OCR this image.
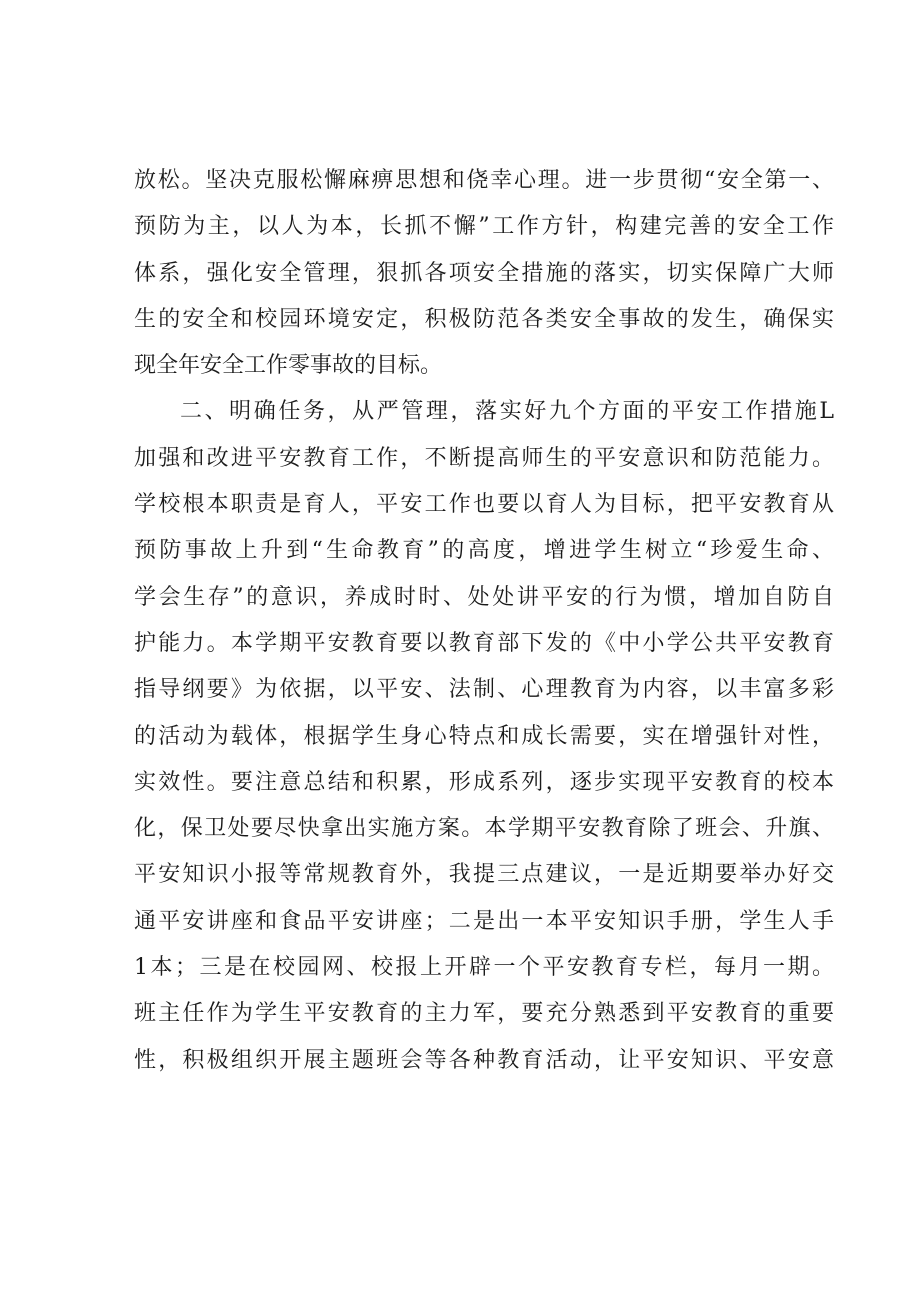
放松。坚决克服松懈麻痹思想和侥幸心理。进一步贯彻“安全第一、
预防为主，以人为本，长抓不懈”工作方针，构建完善的安全工作
体系，强化安全管理，狠抓各项安全措施的落实，切实保障广大师
生的安全和校园环境安定，积极防范各类安全事故的发生，确保实
现全年安全工作零事故的目标。
二、明确任务，从严管理，落实好九个方面的平安工作措施L
加强和改进平安教育工作，不断提高师生的平安意识和防范能力。
学校根本职责是育人，平安工作也要以育人为目标，把平安教育从
预防事故上升到“生命教育”的高度，增进学生树立“珍爱生命、
学会生存”的意识，养成时时、处处讲平安的行为惯，增加自防自
护能力。本学期平安教育要以教育部下发的《中小学公共平安教育
指导纲要》为依据，以平安、法制、心理教育为内容，以丰富多彩
的活动为载体，根据学生身心特点和成长需要，实在增强针对性，
实效性。要注意总结和积累，形成系列，逐步实现平安教育的校本
化，保卫处要尽快拿出实施方案。本学期平安教育除了班会、升旗、
平安知识小报等常规教育外，我提三点建议，一是近期要举办好交
通平安讲座和食品平安讲座；二是出一本平安知识手册，学生人手
1本；三是在校园网、校报上开辟一个平安教育专栏，每月一期。
班主任作为学生平安教育的主力军，要充分熟悉到平安教育的重要
性，积极组织开展主题班会等各种教育活动，让平安知识、平安意
